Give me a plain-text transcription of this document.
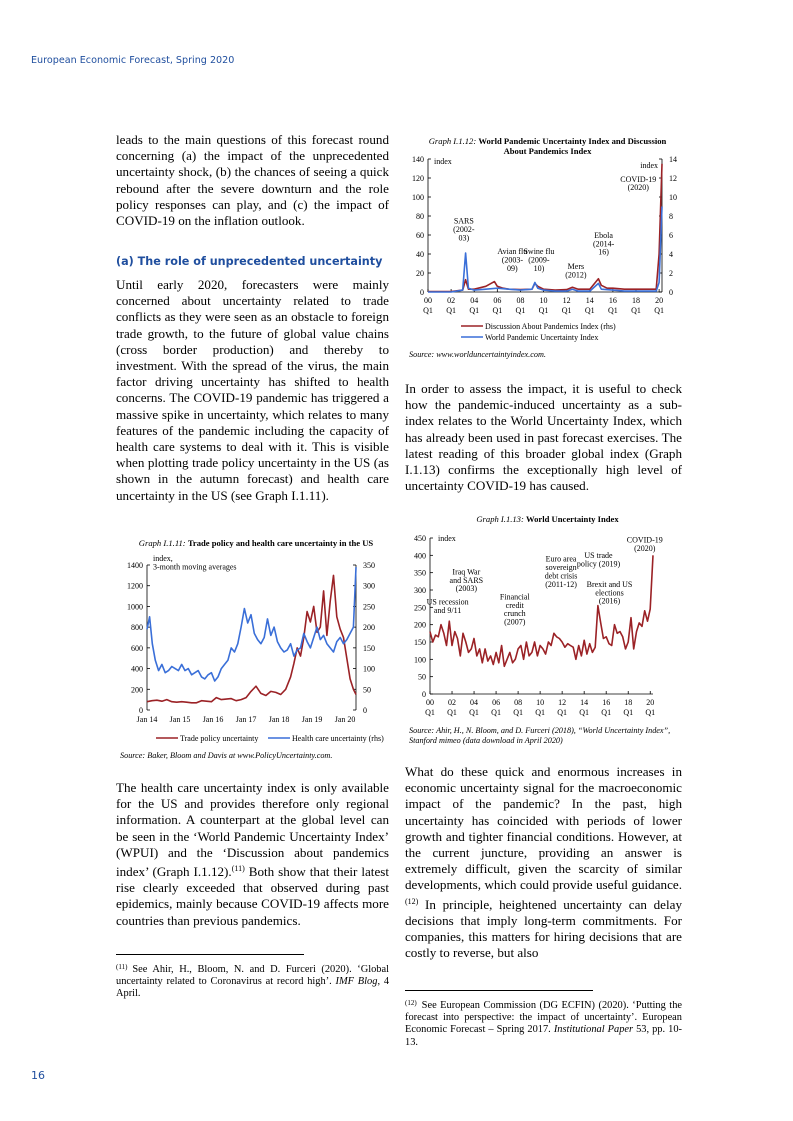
European Economic Forecast, Spring 2020

leads to the main questions of this forecast round concerning (a) the impact of the unprecedented uncertainty shock, (b) the chances of seeing a quick rebound after the severe downturn and the role policy responses can play, and (c) the impact of COVID-19 on the inflation outlook.

(a) The role of unprecedented uncertainty

Until early 2020, forecasters were mainly concerned about uncertainty related to trade conflicts as they were seen as an obstacle to foreign trade growth, to the future of global value chains (cross border production) and thereby to investment. With the spread of the virus, the main factor driving uncertainty has shifted to health concerns. The COVID-19 pandemic has triggered a massive spike in uncertainty, which relates to many features of the pandemic including the capacity of health care systems to deal with it. This is visible when plotting trade policy uncertainty in the US (as shown in the autumn forecast) and health care uncertainty in the US (see Graph I.1.11).

Graph I.1.11: Trade policy and health care uncertainty in the US
0
200
400
600
800
1000
1200
1400
0
50
100
150
200
250
300
350
Jan 14 Jan 15 Jan 16 Jan 17 Jan 18 Jan 19 Jan 20
index, 3-month moving averages
Trade policy uncertainty	Health care uncertainty (rhs)
Source: Baker, Bloom and Davis at www.PolicyUncertainty.com.

The health care uncertainty index is only available for the US and provides therefore only regional information. A counterpart at the global level can be seen in the ‘World Pandemic Uncertainty Index’ (WPUI) and the ‘Discussion about pandemics index’ (Graph I.1.12).$^{(11)}$ Both show that their latest rise clearly exceeded that observed during past epidemics, mainly because COVID-19 affects more countries than previous pandemics.

$^{(11)}$ See Ahir, H., Bloom, N. and D. Furceri (2020). ‘Global uncertainty related to Coronavirus at record high’. IMF Blog, 4 April.
Graph I.1.12: World Pandemic Uncertainty Index and Discussion About Pandemics Index
0
20
40
60
80
100
120
140
0
2
4
6
8
10
12
14
00
Q1
02
Q1
04
Q1
06
Q1
08
Q1
10
Q1
12
Q1
14
Q1
16
Q1
18
Q1
20
Q1
index	index
SARS (2002-03)
Avian flu (2003-09)
Swine flu (2009-10)	Mers (2012)
Ebola (2014-16)
COVID-19 (2020)
Discussion About Pandemics Index (rhs)
World Pandemic Uncertainty Index
Source: www.worlduncertaintyindex.com.

In order to assess the impact, it is useful to check how the pandemic-induced uncertainty as a sub-index relates to the World Uncertainty Index, which has already been used in past forecast exercises. The latest reading of this broader global index (Graph I.1.13) confirms the exceptionally high level of uncertainty COVID-19 has caused.

Graph I.1.13: World Uncertainty Index
0
50
100
150
200
250
300
350
400
450
00
Q1
02
Q1
04
Q1
06
Q1
08
Q1
10
Q1
12
Q1
14
Q1
16
Q1
18
Q1
20
Q1
index
US recession and 9/11
Iraq War and SARS (2003)
Financial credit crunch (2007)
Euro area sovereign debt crisis (2011-12)
US trade policy (2019)
Brexit and US elections (2016)
COVID-19 (2020)
Source: Ahir, H., N. Bloom, and D. Furceri (2018), “World Uncertainty Index”, Stanford mimeo (data download in April 2020)

What do these quick and enormous increases in economic uncertainty signal for the macroeconomic impact of the pandemic? In the past, high uncertainty has coincided with periods of lower growth and tighter financial conditions. However, at the current juncture, providing an answer is extremely difficult, given the scarcity of similar developments, which could provide useful guidance.$^{(12)}$ In principle, heightened uncertainty can delay decisions that imply long-term commitments. For companies, this matters for hiring decisions that are costly to reverse, but also

$^{(12)}$ See European Commission (DG ECFIN) (2020). ‘Putting the forecast into perspective: the impact of uncertainty’. European Economic Forecast – Spring 2017. Institutional Paper 53, pp. 10-13.
16
